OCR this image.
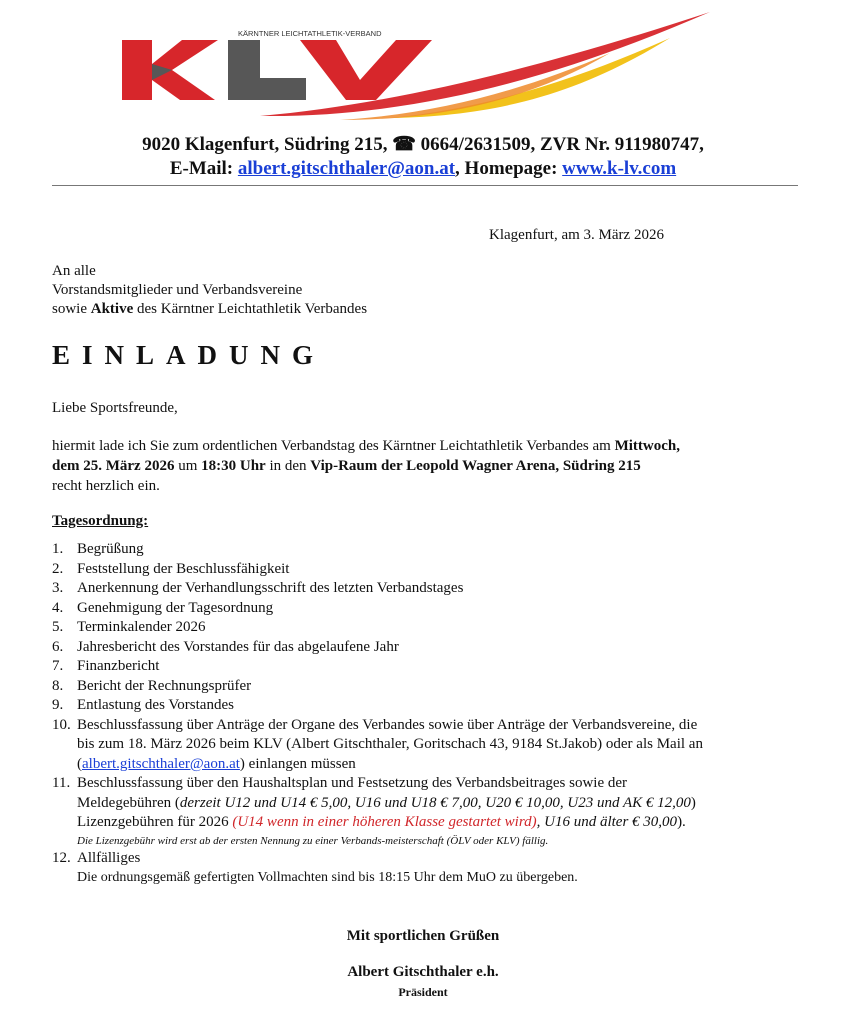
KÄRNTNER LEICHTATHLETIK-VERBAND
9020 Klagenfurt, Südring 215, ☎ 0664/2631509, ZVR Nr. 911980747,
E-Mail: albert.gitschthaler@aon.at, Homepage: www.k-lv.com
Klagenfurt, am 3. März 2026
An alle
Vorstandsmitglieder und Verbandsvereine
sowie Aktive des Kärntner Leichtathletik Verbandes
EINLADUNG
Liebe Sportsfreunde,
hiermit lade ich Sie zum ordentlichen Verbandstag des Kärntner Leichtathletik Verbandes am Mittwoch,
dem 25. März 2026 um 18:30 Uhr in den Vip-Raum der Leopold Wagner Arena, Südring 215
recht herzlich ein.
Tagesordnung:
1. Begrüßung
2. Feststellung der Beschlussfähigkeit
3. Anerkennung der Verhandlungsschrift des letzten Verbandstages
4. Genehmigung der Tagesordnung
5. Terminkalender 2026
6. Jahresbericht des Vorstandes für das abgelaufene Jahr
7. Finanzbericht
8. Bericht der Rechnungsprüfer
9. Entlastung des Vorstandes
10. Beschlussfassung über Anträge der Organe des Verbandes sowie über Anträge der Verbandsvereine, die
bis zum 18. März 2026 beim KLV (Albert Gitschthaler, Goritschach 43, 9184 St.Jakob) oder als Mail an
(albert.gitschthaler@aon.at) einlangen müssen
11. Beschlussfassung über den Haushaltsplan und Festsetzung des Verbandsbeitrages sowie der
Meldegebühren (derzeit U12 und U14 € 5,00, U16 und U18 € 7,00, U20 € 10,00, U23 und AK € 12,00)
Lizenzgebühren für 2026 (U14 wenn in einer höheren Klasse gestartet wird), U16 und älter € 30,00).
Die Lizenzgebühr wird erst ab der ersten Nennung zu einer Verbands-meisterschaft (ÖLV oder KLV) fällig.
12. Allfälliges
Die ordnungsgemäß gefertigten Vollmachten sind bis 18:15 Uhr dem MuO zu übergeben.
Mit sportlichen Grüßen
Albert Gitschthaler e.h.
Präsident
